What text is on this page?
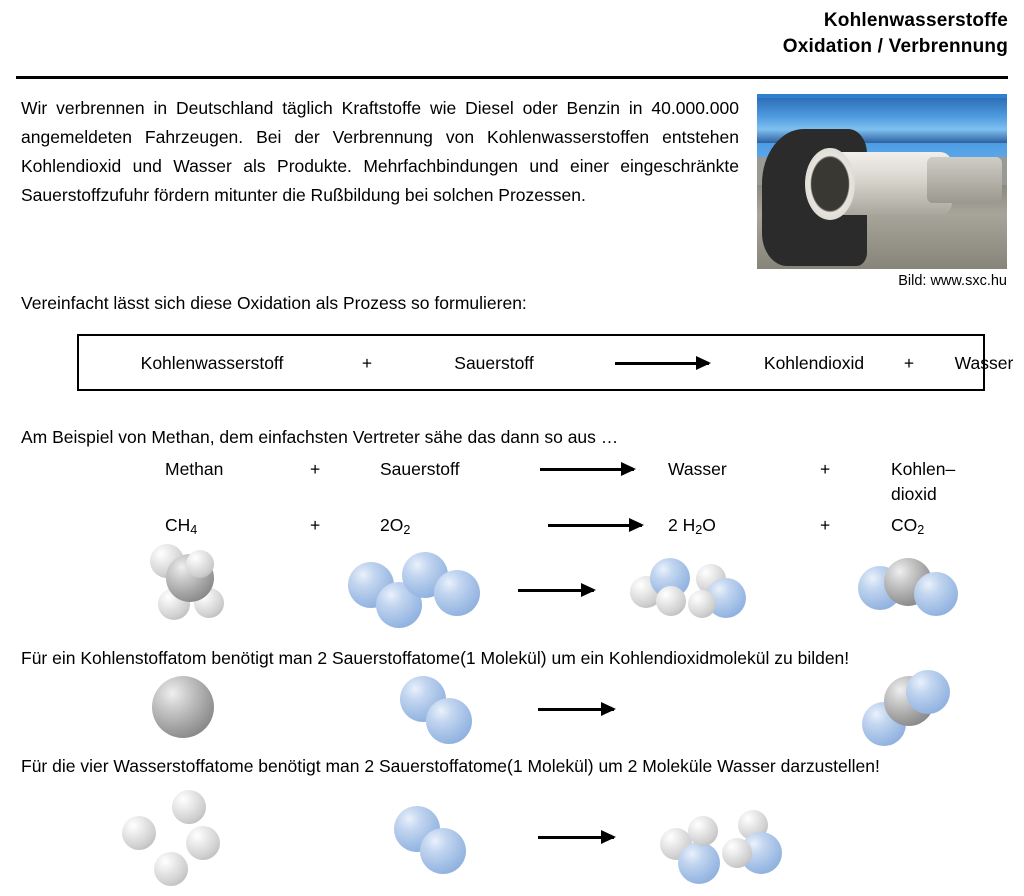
Kohlenwasserstoffe
Oxidation / Verbrennung
Wir verbrennen in Deutschland täglich Kraftstoffe wie Diesel oder Benzin in 40.000.000 angemeldeten Fahrzeugen. Bei der Verbrennung von Kohlenwasserstoffen entstehen Kohlendioxid und Wasser als Produkte. Mehrfachbindungen und einer eingeschränkte Sauerstoffzufuhr fördern mitunter die Rußbildung bei solchen Prozessen.
Bild: www.sxc.hu
Vereinfacht lässt sich diese Oxidation als Prozess so formulieren:
Kohlenwasserstoff	+	Sauerstoff	Kohlendioxid	+	Wasser
Am Beispiel von Methan, dem einfachsten Vertreter sähe das dann so aus …
Methan	+	Sauerstoff	Wasser	+	Kohlen–
dioxid
$CH_4$	+	$2O_2$	2 $H_2O$	+	$CO_2$
Für ein Kohlenstoffatom benötigt man 2 Sauerstoffatome(1 Molekül) um ein Kohlendioxidmolekül zu bilden!
Für die vier Wasserstoffatome benötigt man 2 Sauerstoffatome(1 Molekül) um 2 Moleküle Wasser darzustellen!
